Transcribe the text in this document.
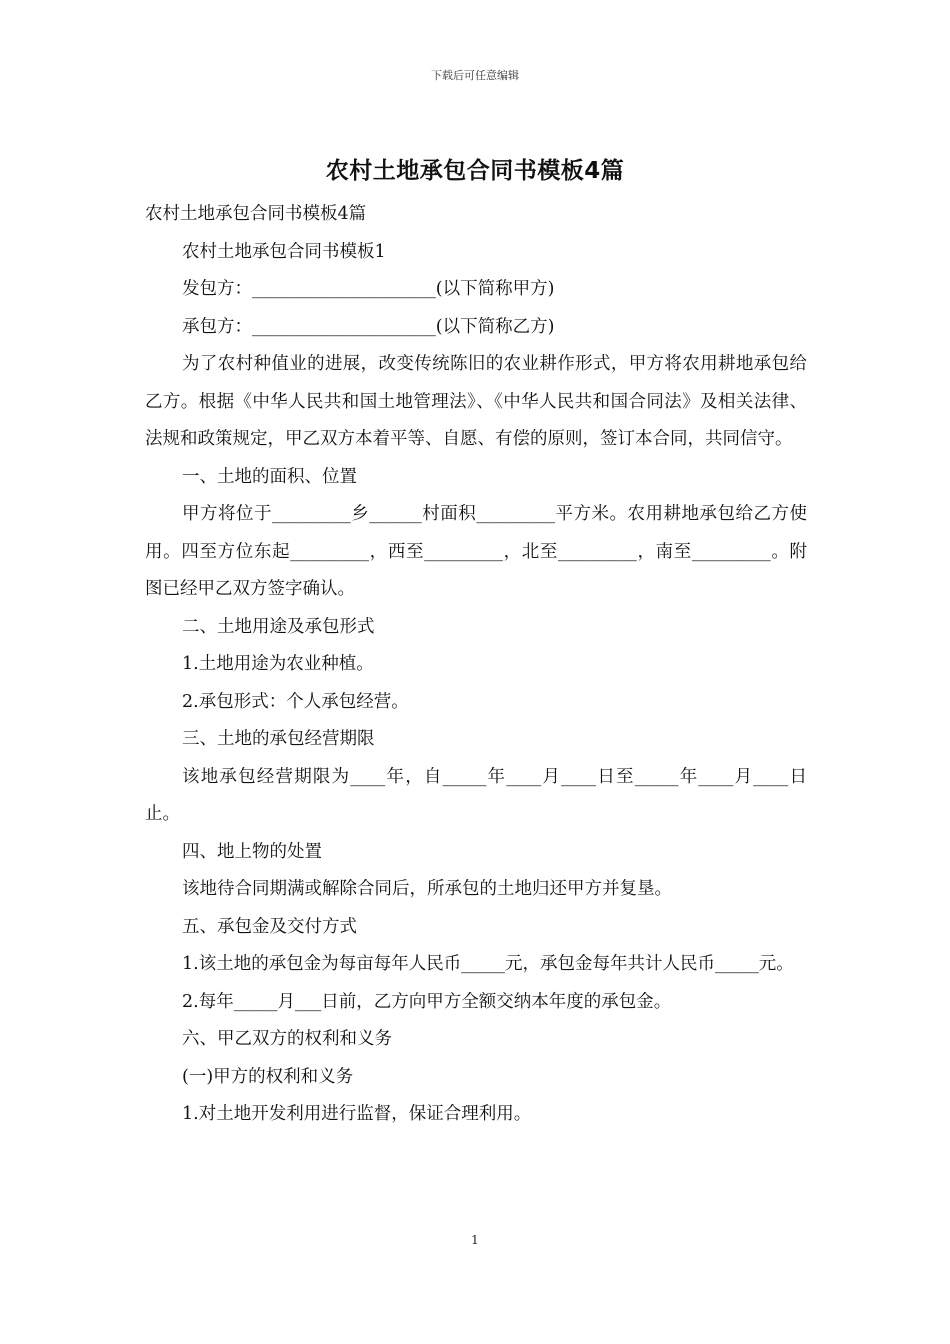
下载后可任意编辑
农村土地承包合同书模板4篇

农村土地承包合同书模板4篇

农村土地承包合同书模板1

发包方：_____________________(以下简称甲方)

承包方：_____________________(以下简称乙方)

为了农村种值业的进展，改变传统陈旧的农业耕作形式，甲方将农用耕地承包给乙方。根据《中华人民共和国土地管理法》、《中华人民共和国合同法》及相关法律、法规和政策规定，甲乙双方本着平等、自愿、有偿的原则，签订本合同，共同信守。

一、土地的面积、位置

甲方将位于_________乡______村面积_________平方米。农用耕地承包给乙方使用。四至方位东起_________，西至_________，北至_________，南至_________。附图已经甲乙双方签字确认。

二、土地用途及承包形式

1.土地用途为农业种植。

2.承包形式：个人承包经营。

三、土地的承包经营期限

该地承包经营期限为____年，自_____年____月____日至_____年____月____日止。

四、地上物的处置

该地待合同期满或解除合同后，所承包的土地归还甲方并复垦。

五、承包金及交付方式

1.该土地的承包金为每亩每年人民币_____元，承包金每年共计人民币_____元。

2.每年_____月___日前，乙方向甲方全额交纳本年度的承包金。

六、甲乙双方的权利和义务

(一)甲方的权利和义务

1.对土地开发利用进行监督，保证合理利用。

1
